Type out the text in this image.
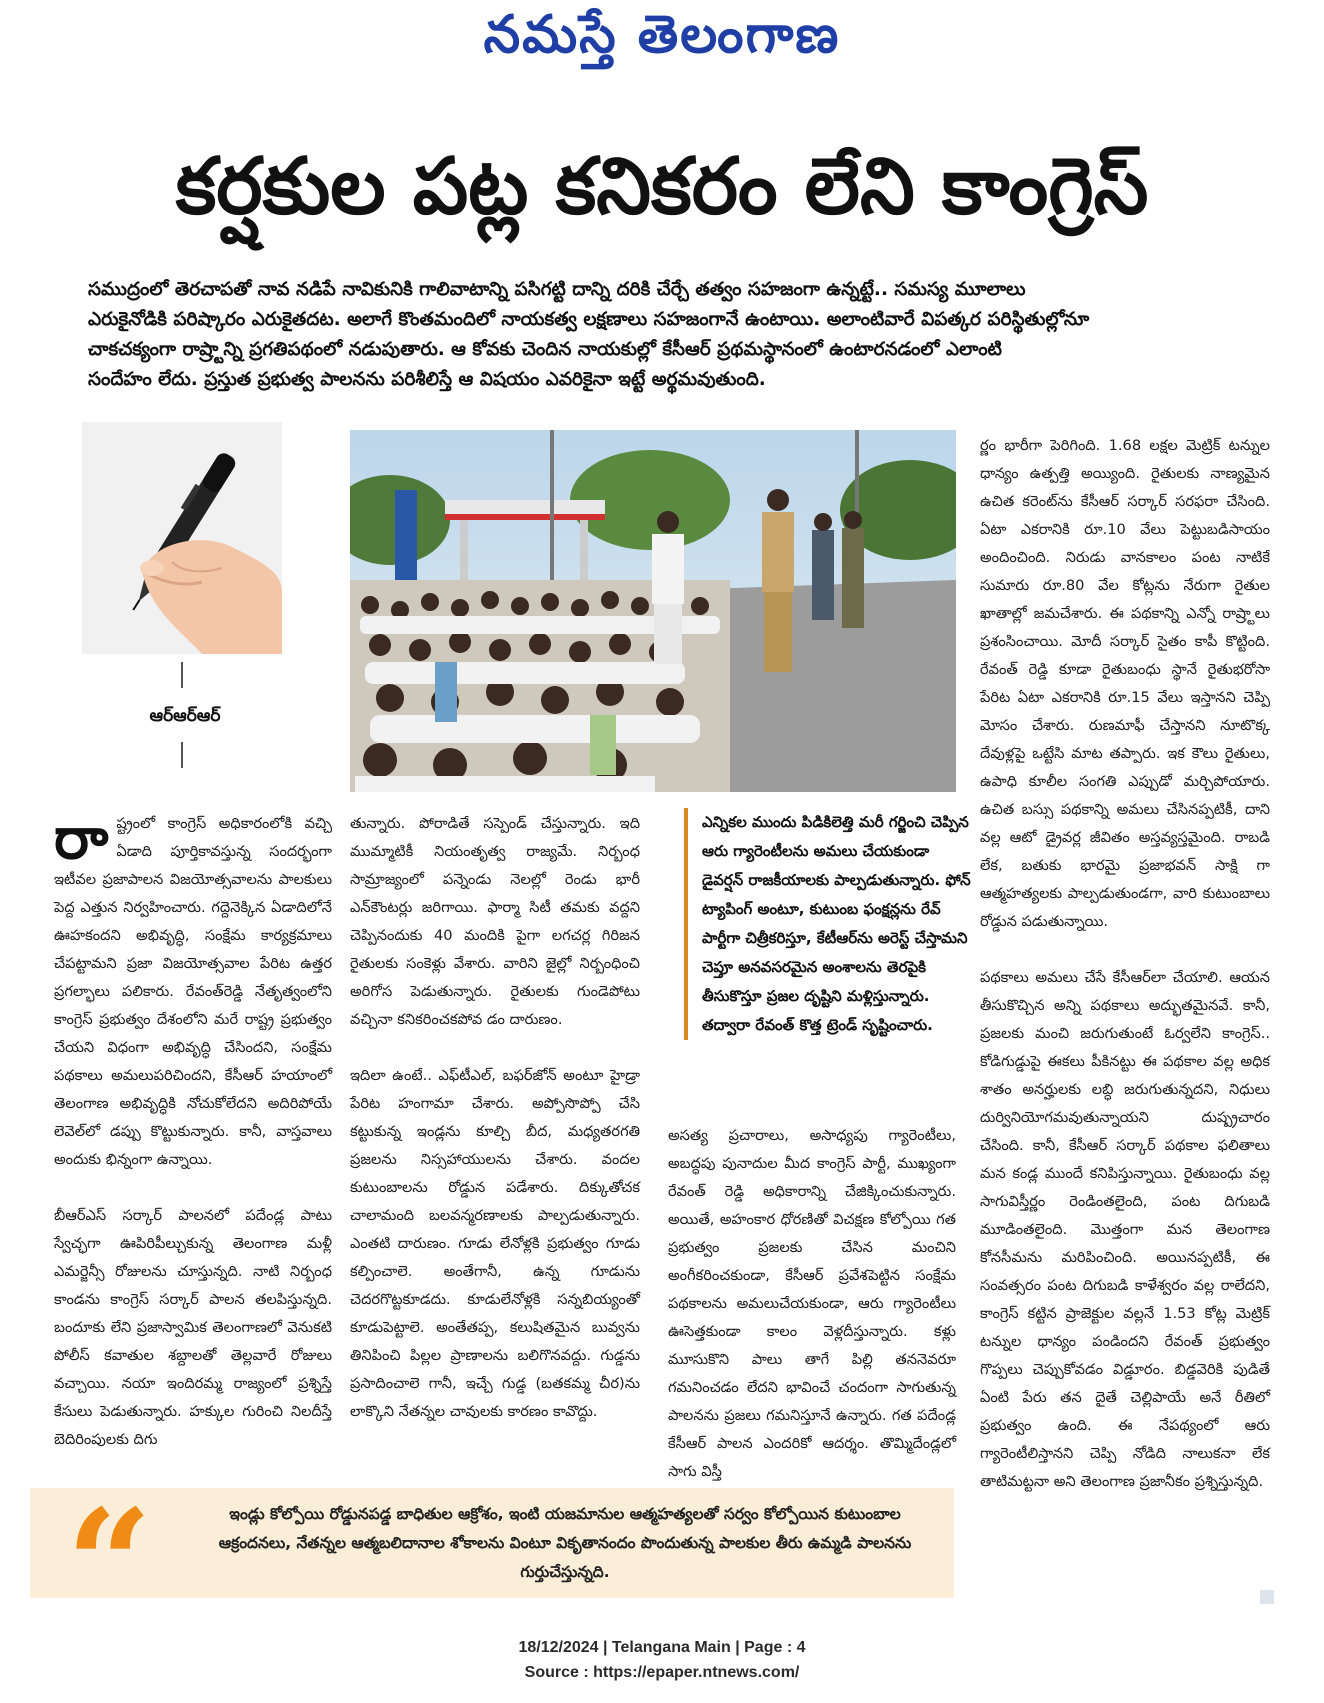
నమస్తే తెలంగాణ
కర్షకుల పట్ల కనికరం లేని కాంగ్రెస్

సముద్రంలో తెరచాపతో నావ నడిపే నావికునికి గాలివాటాన్ని పసిగట్టి దాన్ని దరికి చేర్చే తత్వం సహజంగా ఉన్నట్టే.. సమస్య మూలాలు

ఎరుకైనోడికి పరిష్కారం ఎరుకైతదట. అలాగే కొంతమందిలో నాయకత్వ లక్షణాలు సహజంగానే ఉంటాయి. అలాంటివారే విపత్కర పరిస్థితుల్లోనూ

చాకచక్యంగా రాష్ర్టాన్ని ప్రగతిపథంలో నడుపుతారు. ఆ కోవకు చెందిన నాయకుల్లో కేసీఆర్ ప్రథమస్థానంలో ఉంటారనడంలో ఎలాంటి

సందేహం లేదు. ప్రస్తుత ప్రభుత్వ పాలనను పరిశీలిస్తే ఆ విషయం ఎవరికైనా ఇట్టే అర్థమవుతుంది.

ఆర్ఆర్ఆర్

రాష్ట్రంలో కాంగ్రెస్ అధికారంలోకి వచ్చి ఏడాది పూర్తికావస్తున్న సందర్భంగా ఇటీవల ప్రజాపాలన విజయోత్సవాలను పాలకులు పెద్ద ఎత్తున నిర్వహించారు. గద్దెనెక్కిన ఏడాదిలోనే ఊహకందని అభివృద్ధి, సంక్షేమ కార్యక్రమాలు చేపట్టామని ప్రజా విజయోత్సవాల పేరిట ఉత్తర ప్రగల్భాలు పలికారు. రేవంత్‌రెడ్డి నేతృత్వంలోని కాంగ్రెస్ ప్రభుత్వం దేశంలోని మరే రాష్ట్ర ప్రభుత్వం చేయని విధంగా అభివృద్ధి చేసిందని, సంక్షేమ పథకాలు అమలుపరిచిందని, కేసీఆర్ హయాంలో తెలంగాణ అభివృద్ధికి నోచుకోలేదని అదిరిపోయే లెవెల్‌లో డప్పు కొట్టుకున్నారు. కానీ, వాస్తవాలు అందుకు భిన్నంగా ఉన్నాయి.

బీఆర్ఎస్ సర్కార్ పాలనలో పదేండ్ల పాటు స్వేచ్ఛగా ఊపిరిపీల్చుకున్న తెలంగాణ మళ్లీ ఎమర్జెన్సీ రోజులను చూస్తున్నది. నాటి నిర్బంధ కాండను కాంగ్రెస్ సర్కార్ పాలన తలపిస్తున్నది. బందూకు లేని ప్రజాస్వామిక తెలంగాణలో వెనుకటి పోలీస్ కవాతుల శబ్దాలతో తెల్లవారే రోజులు వచ్చాయి. నయా ఇందిరమ్మ రాజ్యంలో ప్రశ్నిస్తే కేసులు పెడుతున్నారు. హక్కుల గురించి నిలదీస్తే బెదిరింపులకు దిగు

తున్నారు. పోరాడితే సస్పెండ్ చేస్తున్నారు. ఇది ముమ్మాటికీ నియంతృత్వ రాజ్యమే. నిర్బంధ సామ్రాజ్యంలో పన్నెండు నెలల్లో రెండు భారీ ఎన్‌కౌంటర్లు జరిగాయి. ఫార్మా సిటీ తమకు వద్దని చెప్పినందుకు 40 మందికి పైగా లగచర్ల గిరిజన రైతులకు సంకెళ్లు వేశారు. వారిని జైల్లో నిర్బంధించి అరిగోస పెడుతున్నారు. రైతులకు గుండెపోటు వచ్చినా కనికరించకపోవ డం దారుణం.

ఇదిలా ఉంటే.. ఎఫ్‌టీఎల్, బఫర్‌జోన్ అంటూ హైడ్రా పేరిట హంగామా చేశారు. అప్పోసొప్పో చేసి కట్టుకున్న ఇండ్లను కూల్చి బీద, మధ్యతరగతి ప్రజలను నిస్సహాయులను చేశారు. వందల కుటుంబాలను రోడ్డున పడేశారు. దిక్కుతోచక చాలామంది బలవన్మరణాలకు పాల్పడుతున్నారు. ఎంతటి దారుణం. గూడు లేనోళ్లకి ప్రభుత్వం గూడు కల్పించాలె. అంతేగానీ, ఉన్న గూడును చెదరగొట్టకూడదు. కూడులేనోళ్లకి సన్నబియ్యంతో కూడుపెట్టాలె. అంతేతప్ప, కలుషితమైన బువ్వను తినిపించి పిల్లల ప్రాణాలను బలిగొనవద్దు. గుడ్డను ప్రసాదించాలె గానీ, ఇచ్చే గుడ్డ (బతకమ్మ చీర)ను లాక్కొని నేతన్నల చావులకు కారణం కావొద్దు.

ఎన్నికల ముందు పిడికిలెత్తి మరీ గర్జించి చెప్పిన ఆరు గ్యారెంటీలను అమలు చేయకుండా డైవర్షన్ రాజకీయాలకు పాల్పడుతున్నారు. ఫోన్ ట్యాపింగ్ అంటూ, కుటుంబ ఫంక్షన్లను రేవ్ పార్టీగా చిత్రీకరిస్తూ, కేటీఆర్‌ను అరెస్ట్ చేస్తామని చెప్తూ అనవసరమైన అంశాలను తెరపైకి తీసుకొస్తూ ప్రజల దృష్టిని మళ్లిస్తున్నారు. తద్వారా రేవంత్ కొత్త ట్రెండ్ సృష్టించారు.

అసత్య ప్రచారాలు, అసాధ్యపు గ్యారెంటీలు, అబద్ధపు పునాదుల మీద కాంగ్రెస్ పార్టీ, ముఖ్యంగా రేవంత్ రెడ్డి అధికారాన్ని చేజిక్కించుకున్నారు. అయితే, అహంకార ధోరణితో విచక్షణ కోల్పోయి గత ప్రభుత్వం ప్రజలకు చేసిన మంచిని అంగీకరించకుండా, కేసీఆర్ ప్రవేశపెట్టిన సంక్షేమ పథకాలను అమలుచేయకుండా, ఆరు గ్యారెంటీలు ఊసెత్తకుండా కాలం వెళ్లదీస్తున్నారు. కళ్లు మూసుకొని పాలు తాగే పిల్లి తననెవరూ గమనించడం లేదని భావించే చందంగా సాగుతున్న పాలనను ప్రజలు గమనిస్తూనే ఉన్నారు. గత పదేండ్ల కేసీఆర్ పాలన ఎందరికో ఆదర్శం. తొమ్మిదేండ్లలో సాగు విస్తీ

ర్ణం భారీగా పెరిగింది. 1.68 లక్షల మెట్రిక్ టన్నుల ధాన్యం ఉత్పత్తి అయ్యింది. రైతులకు నాణ్యమైన ఉచిత కరెంట్‌ను కేసీఆర్ సర్కార్ సరఫరా చేసింది. ఏటా ఎకరానికి రూ.10 వేలు పెట్టుబడిసాయం అందించింది. నిరుడు వానకాలం పంట నాటికే సుమారు రూ.80 వేల కోట్లను నేరుగా రైతుల ఖాతాల్లో జమచేశారు. ఈ పథకాన్ని ఎన్నో రాష్ర్టాలు ప్రశంసించాయి. మోదీ సర్కార్ సైతం కాపీ కొట్టింది. రేవంత్ రెడ్డి కూడా రైతుబంధు స్థానే రైతుభరోసా పేరిట ఏటా ఎకరానికి రూ.15 వేలు ఇస్తానని చెప్పి మోసం చేశారు. రుణమాఫీ చేస్తానని నూటొక్క దేవుళ్లపై ఒట్టేసి మాట తప్పారు. ఇక కౌలు రైతులు, ఉపాధి కూలీల సంగతి ఎప్పుడో మర్చిపోయారు. ఉచిత బస్సు పథకాన్ని అమలు చేసినప్పటికీ, దాని వల్ల ఆటో డ్రైవర్ల జీవితం అస్తవ్యస్తమైంది. రాబడి లేక, బతుకు భారమై ప్రజాభవన్ సాక్షి గా ఆత్మహత్యలకు పాల్పడుతుండగా, వారి కుటుంబాలు రోడ్డున పడుతున్నాయి.

పథకాలు అమలు చేసే కేసీఆర్‌లా చేయాలి. ఆయన తీసుకొచ్చిన అన్ని పథకాలు అద్భుతమైనవే. కానీ, ప్రజలకు మంచి జరుగుతుంటే ఓర్వలేని కాంగ్రెస్.. కోడిగుడ్డుపై ఈకలు పీకినట్టు ఈ పథకాల వల్ల అధిక శాతం అనర్హులకు లబ్ధి జరుగుతున్నదని, నిధులు దుర్వినియోగమవుతున్నాయని దుష్ప్రచారం చేసింది. కానీ, కేసీఆర్ సర్కార్ పథకాల ఫలితాలు మన కండ్ల ముందే కనిపిస్తున్నాయి. రైతుబంధు వల్ల సాగువిస్తీర్ణం రెండింతలైంది, పంట దిగుబడి మూడింతలైంది. మొత్తంగా మన తెలంగాణ కోనసీమను మరిపించింది. అయినప్పటికీ, ఈ సంవత్సరం పంట దిగుబడి కాళేశ్వరం వల్ల రాలేదని, కాంగ్రెస్ కట్టిన ప్రాజెక్టుల వల్లనే 1.53 కోట్ల మెట్రిక్ టన్నుల ధాన్యం పండిందని రేవంత్ ప్రభుత్వం గొప్పలు చెప్పుకోవడం విడ్డూరం. బిడ్డవెరికి పుడితే ఏంటి పేరు తన దైతే చెల్లిపాయే అనే రీతిలో ప్రభుత్వం ఉంది. ఈ నేపథ్యంలో ఆరు గ్యారెంటీలిస్తానని చెప్పి నోడిది నాలుకనా లేక తాటిమట్టనా అని తెలంగాణ ప్రజానీకం ప్రశ్నిస్తున్నది.

“	ఇండ్లు కోల్పోయి రోడ్డునపడ్డ బాధితుల ఆక్రోశం, ఇంటి యజమానుల ఆత్మహత్యలతో సర్వం కోల్పోయిన కుటుంబాల ఆక్రందనలు, నేతన్నల ఆత్మబలిదానాల శోకాలను వింటూ వికృతానందం పొందుతున్న పాలకుల తీరు ఉమ్మడి పాలనను గుర్తుచేస్తున్నది.
18/12/2024 | Telangana Main | Page : 4
Source : https://epaper.ntnews.com/
